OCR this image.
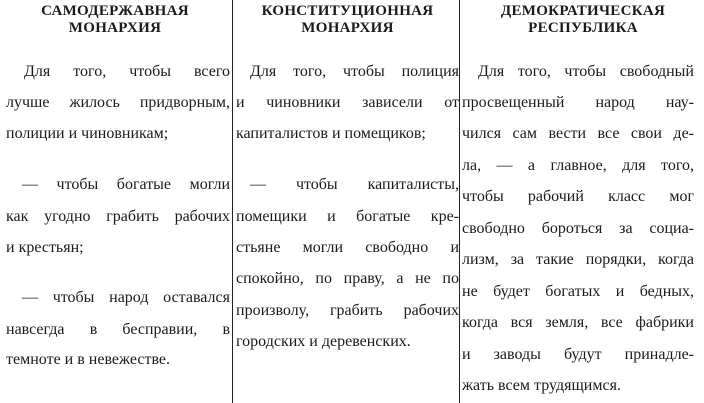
САМОДЕРЖАВНАЯ
МОНАРХИЯ
Для того, чтобы всего
лучше жилось придворным,
полиции и чиновникам;
— чтобы богатые могли
как угодно грабить рабочих
и крестьян;
— чтобы народ оставался
навсегда в бесправии, в
темноте и в невежестве.
КОНСТИТУЦИОННАЯ
МОНАРХИЯ
Для того, чтобы полиция
и чиновники зависели от
капиталистов и помещиков;
— чтобы капиталисты,
помещики и богатые кре-
стьяне могли свободно и
спокойно, по праву, а не по
произволу, грабить рабочих
городских и деревенских.
ДЕМОКРАТИЧЕСКАЯ
РЕСПУБЛИКА
Для того, чтобы свободный
просвещенный народ нау-
чился сам вести все свои де-
ла, — а главное, для того,
чтобы рабочий класс мог
свободно бороться за социа-
лизм, за такие порядки, когда
не будет богатых и бедных,
когда вся земля, все фабрики
и заводы будут принадле-
жать всем трудящимся.
